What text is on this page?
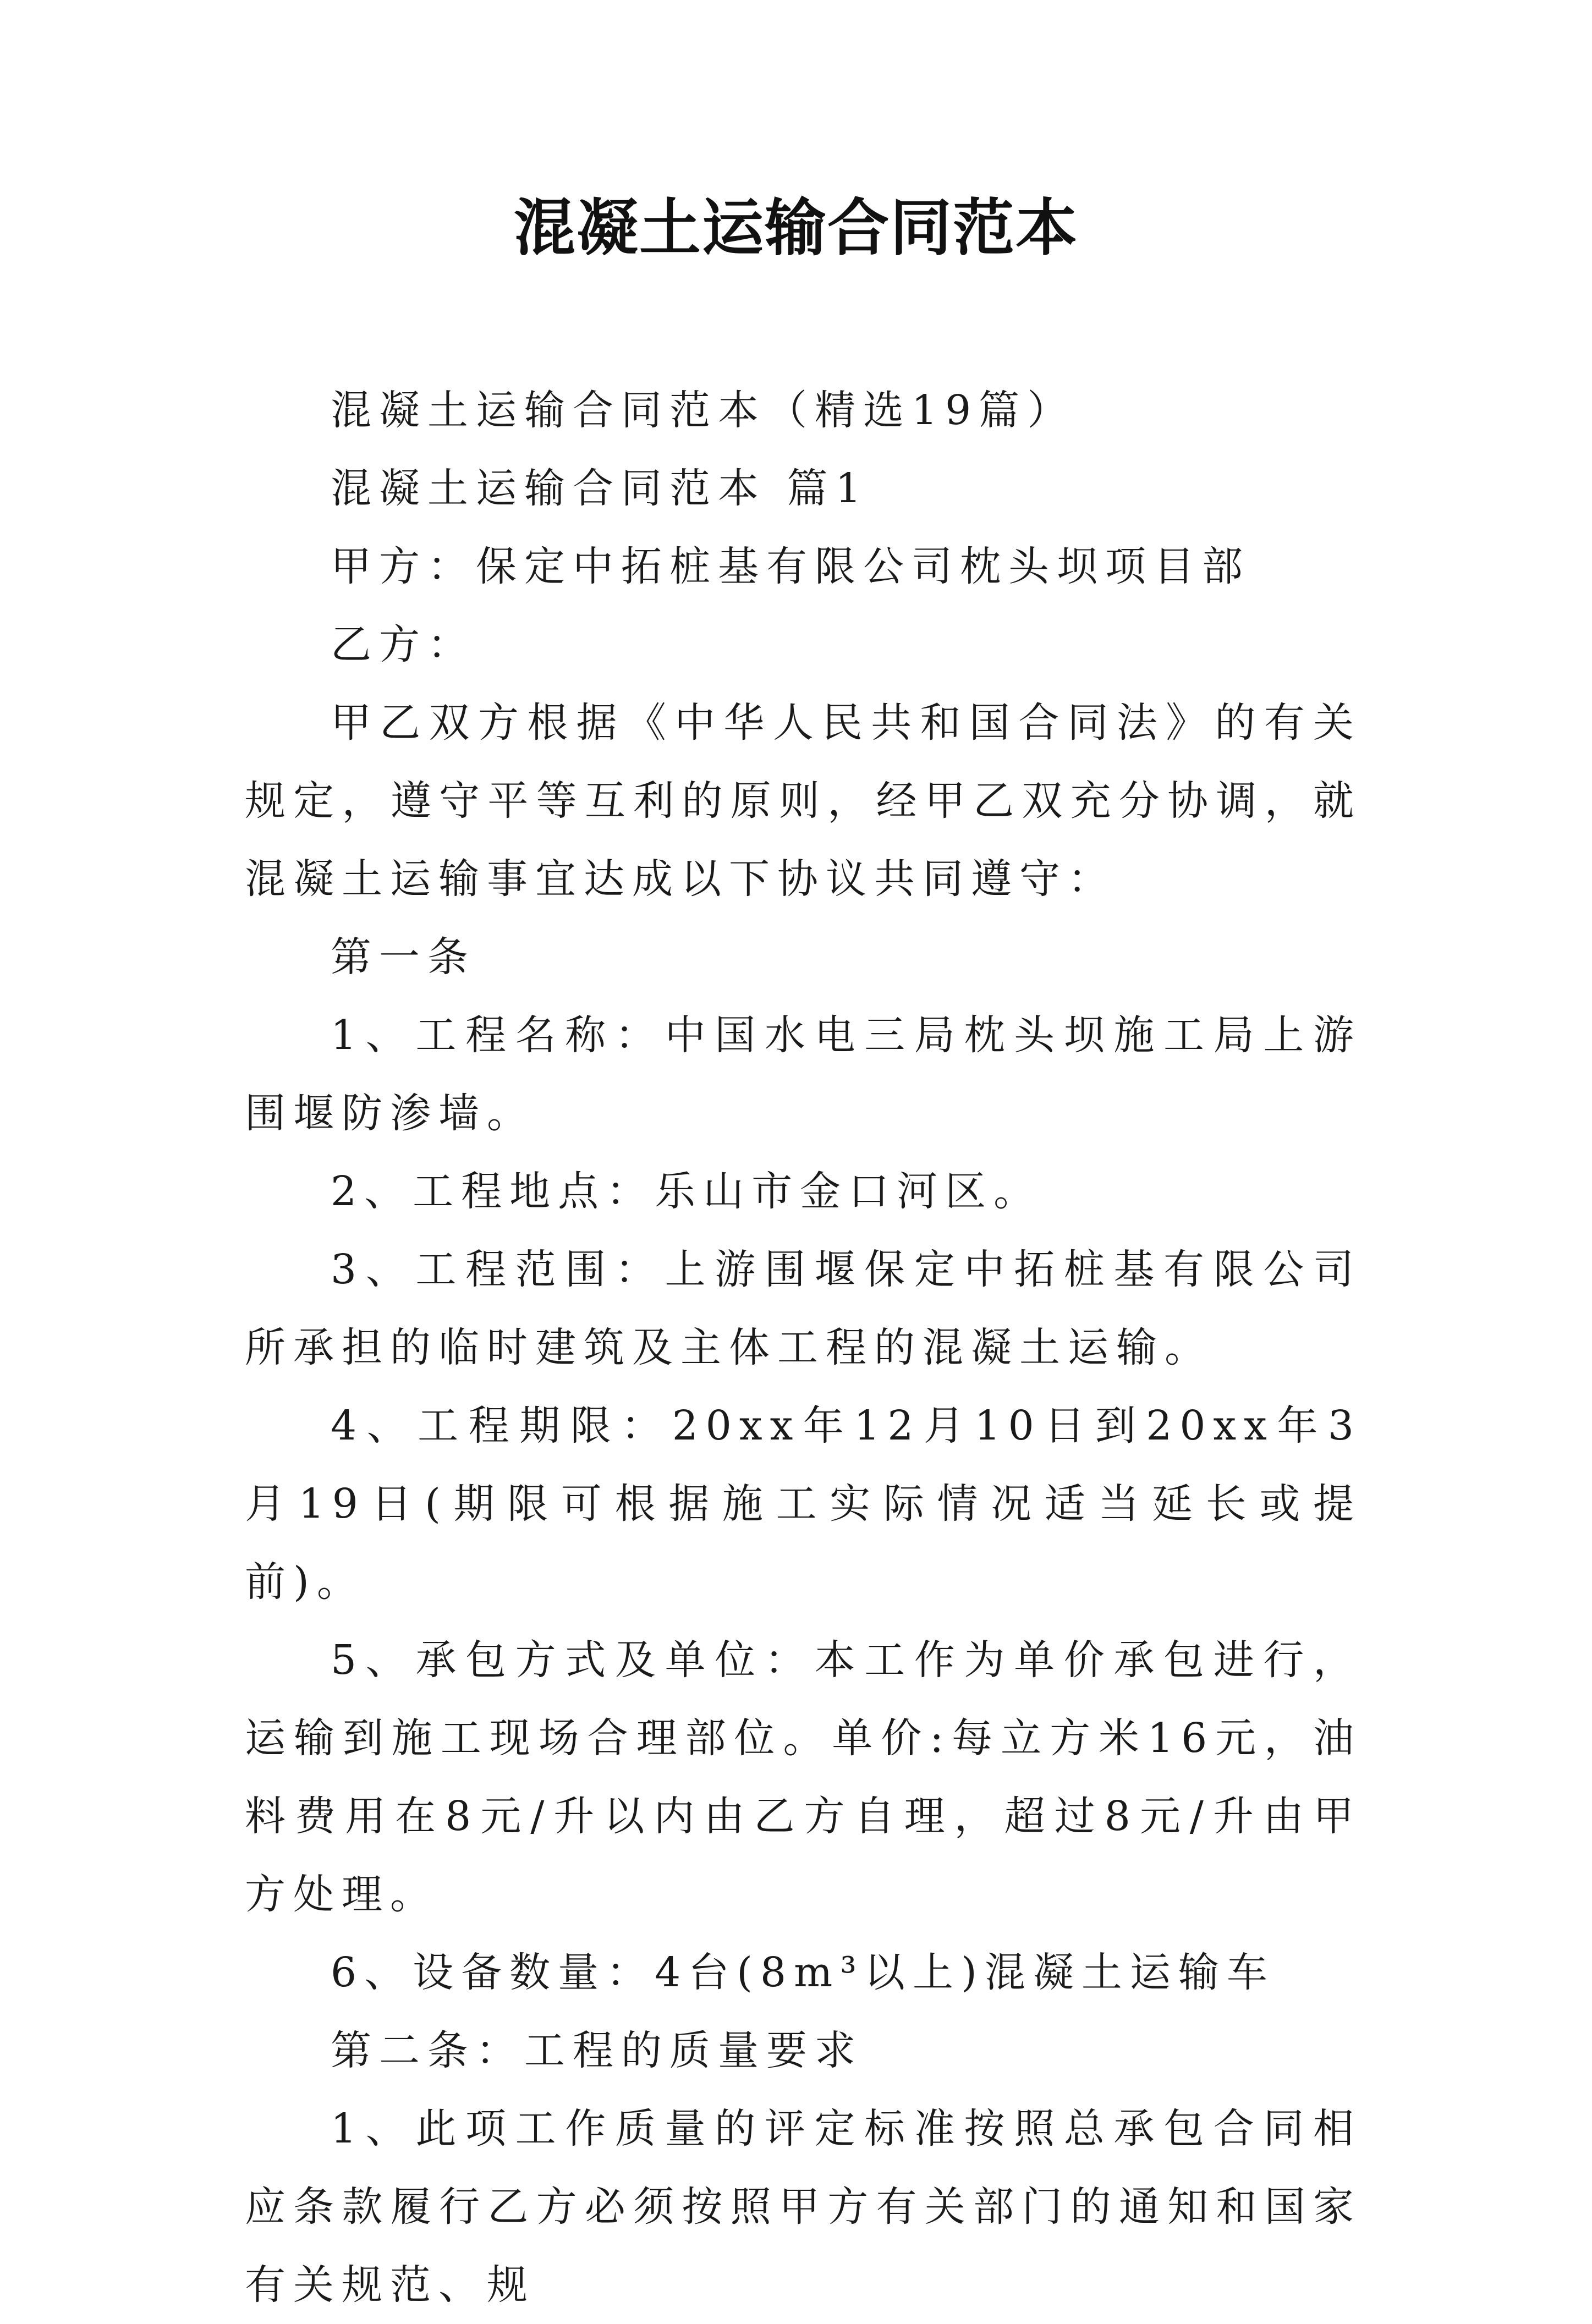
混凝土运输合同范本

混凝土运输合同范本（精选19篇）

混凝土运输合同范本 篇1

甲方：保定中拓桩基有限公司枕头坝项目部

乙方：

甲乙双方根据《中华人民共和国合同法》的有关规定，遵守平等互利的原则，经甲乙双充分协调，就混凝土运输事宜达成以下协议共同遵守：

第一条

1、工程名称：中国水电三局枕头坝施工局上游围堰防渗墙。

2、工程地点：乐山市金口河区。

3、工程范围：上游围堰保定中拓桩基有限公司所承担的临时建筑及主体工程的混凝土运输。

4、工程期限：20xx年12月10日到20xx年3月19日(期限可根据施工实际情况适当延长或提前)。

5、承包方式及单位：本工作为单价承包进行，运输到施工现场合理部位。单价:每立方米16元，油料费用在8元/升以内由乙方自理，超过8元/升由甲方处理。

6、设备数量：4台(8m³以上)混凝土运输车

第二条：工程的质量要求

1、此项工作质量的评定标准按照总承包合同相应条款履行乙方必须按照甲方有关部门的通知和国家有关规范、规
